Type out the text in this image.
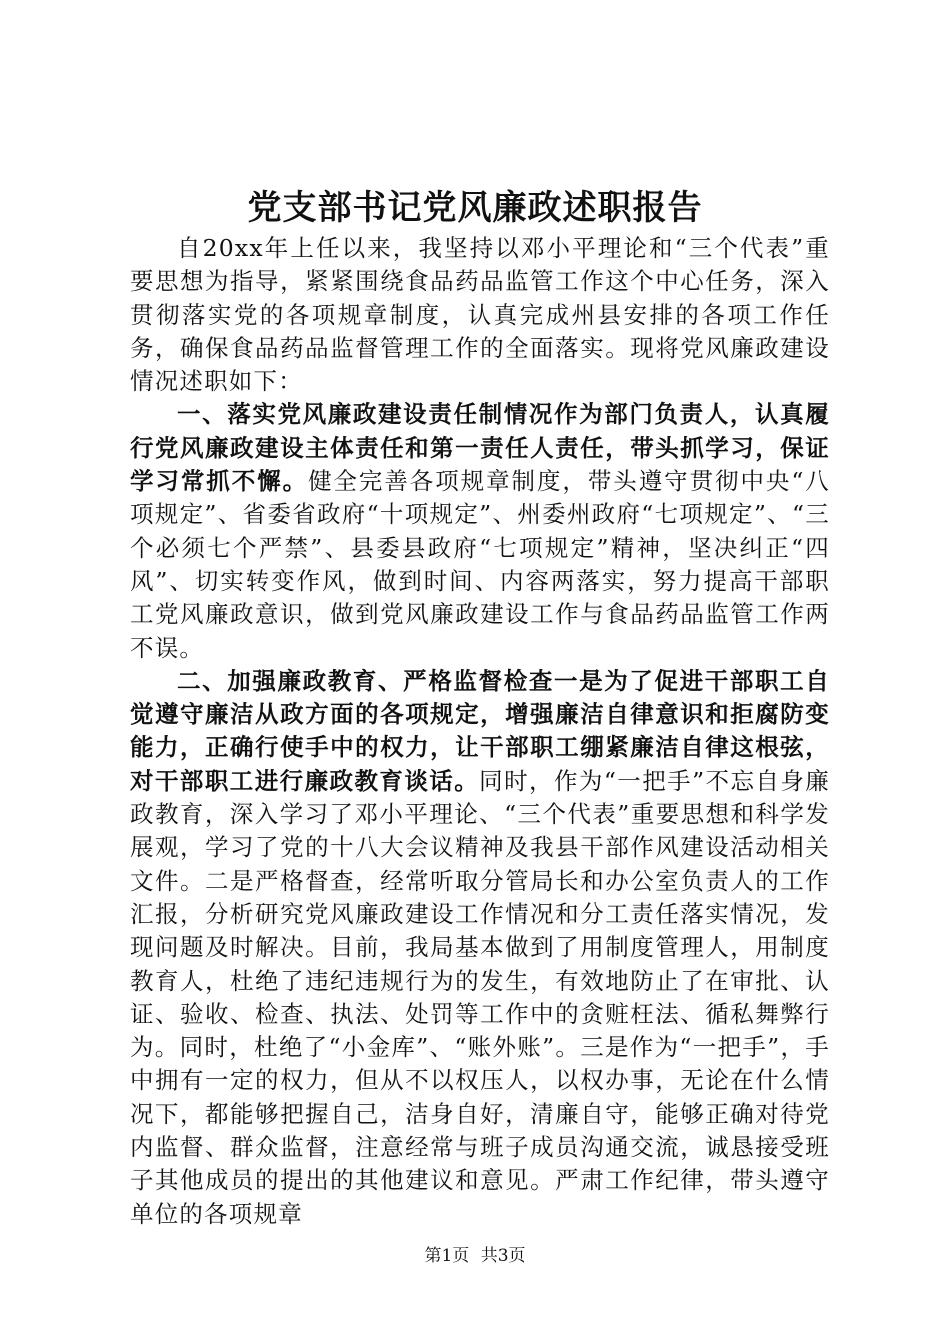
党支部书记党风廉政述职报告

自20xx年上任以来，我坚持以邓小平理论和“三个代表”重要思想为指导，紧紧围绕食品药品监管工作这个中心任务，深入贯彻落实党的各项规章制度，认真完成州县安排的各项工作任务，确保食品药品监督管理工作的全面落实。现将党风廉政建设情况述职如下：

一、落实党风廉政建设责任制情况作为部门负责人，认真履行党风廉政建设主体责任和第一责任人责任，带头抓学习，保证学习常抓不懈。健全完善各项规章制度，带头遵守贯彻中央“八项规定”、省委省政府“十项规定”、州委州政府“七项规定”、“三个必须七个严禁”、县委县政府“七项规定”精神，坚决纠正“四风”、切实转变作风，做到时间、内容两落实，努力提高干部职工党风廉政意识，做到党风廉政建设工作与食品药品监管工作两不误。

二、加强廉政教育、严格监督检查一是为了促进干部职工自觉遵守廉洁从政方面的各项规定，增强廉洁自律意识和拒腐防变能力，正确行使手中的权力，让干部职工绷紧廉洁自律这根弦，对干部职工进行廉政教育谈话。同时，作为“一把手”不忘自身廉政教育，深入学习了邓小平理论、“三个代表”重要思想和科学发展观，学习了党的十八大会议精神及我县干部作风建设活动相关文件。二是严格督查，经常听取分管局长和办公室负责人的工作汇报，分析研究党风廉政建设工作情况和分工责任落实情况，发现问题及时解决。目前，我局基本做到了用制度管理人，用制度教育人，杜绝了违纪违规行为的发生，有效地防止了在审批、认证、验收、检查、执法、处罚等工作中的贪赃枉法、循私舞弊行为。同时，杜绝了“小金库”、“账外账”。三是作为“一把手”，手中拥有一定的权力，但从不以权压人，以权办事，无论在什么情况下，都能够把握自己，洁身自好，清廉自守，能够正确对待党内监督、群众监督，注意经常与班子成员沟通交流，诚恳接受班子其他成员的提出的其他建议和意见。严肃工作纪律，带头遵守单位的各项规章

第1页 共3页
